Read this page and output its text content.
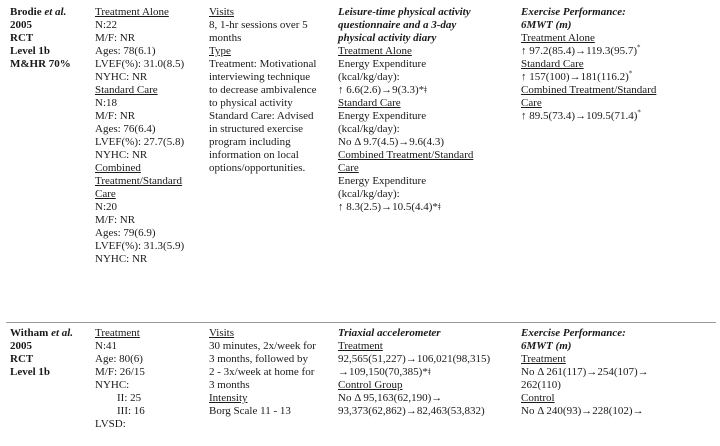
Brodie et al.
2005
RCT
Level 1b
M&HR 70%
Treatment Alone
N:22
M/F: NR
Ages: 78(6.1)
LVEF(%): 31.0(8.5)
NYHC: NR
Standard Care
N:18
M/F: NR
Ages: 76(6.4)
LVEF(%): 27.7(5.8)
NYHC: NR
Combined
Treatment/Standard
Care
N:20
M/F: NR
Ages: 79(6.9)
LVEF(%): 31.3(5.9)
NYHC: NR
Visits
8, 1-hr sessions over 5
months
Type
Treatment: Motivational
interviewing technique
to decrease ambivalence
to physical activity
Standard Care: Advised
in structured exercise
program including
information on local
options/opportunities.
Leisure-time physical activity
questionnaire and a 3-day
physical activity diary
Treatment Alone
Energy Expenditure
(kcal/kg/day):
↑ 6.6(2.6)→9(3.3)*ǂ
Standard Care
Energy Expenditure
(kcal/kg/day):
No Δ 9.7(4.5)→9.6(4.3)
Combined Treatment/Standard
Care
Energy Expenditure
(kcal/kg/day):
↑ 8.3(2.5)→10.5(4.4)*ǂ
Exercise Performance:
6MWT (m)
Treatment Alone
↑ 97.2(85.4)→119.3(95.7)*
Standard Care
↑ 157(100)→181(116.2)*
Combined Treatment/Standard
Care
↑ 89.5(73.4)→109.5(71.4)*
Witham et al.
2005
RCT
Level 1b
Treatment
N:41
Age: 80(6)
M/F: 26/15
NYHC:
II: 25
III: 16
LVSD:
Visits
30 minutes, 2x/week for
3 months, followed by
2 - 3x/week at home for
3 months
Intensity
Borg Scale 11 - 13
Triaxial accelerometer
Treatment
92,565(51,227)→106,021(98,315)
→109,150(70,385)*ǂ
Control Group
No Δ 95,163(62,190)→
93,373(62,862)→82,463(53,832)
Exercise Performance:
6MWT (m)
Treatment
No Δ 261(117)→254(107)→
262(110)
Control
No Δ 240(93)→228(102)→
